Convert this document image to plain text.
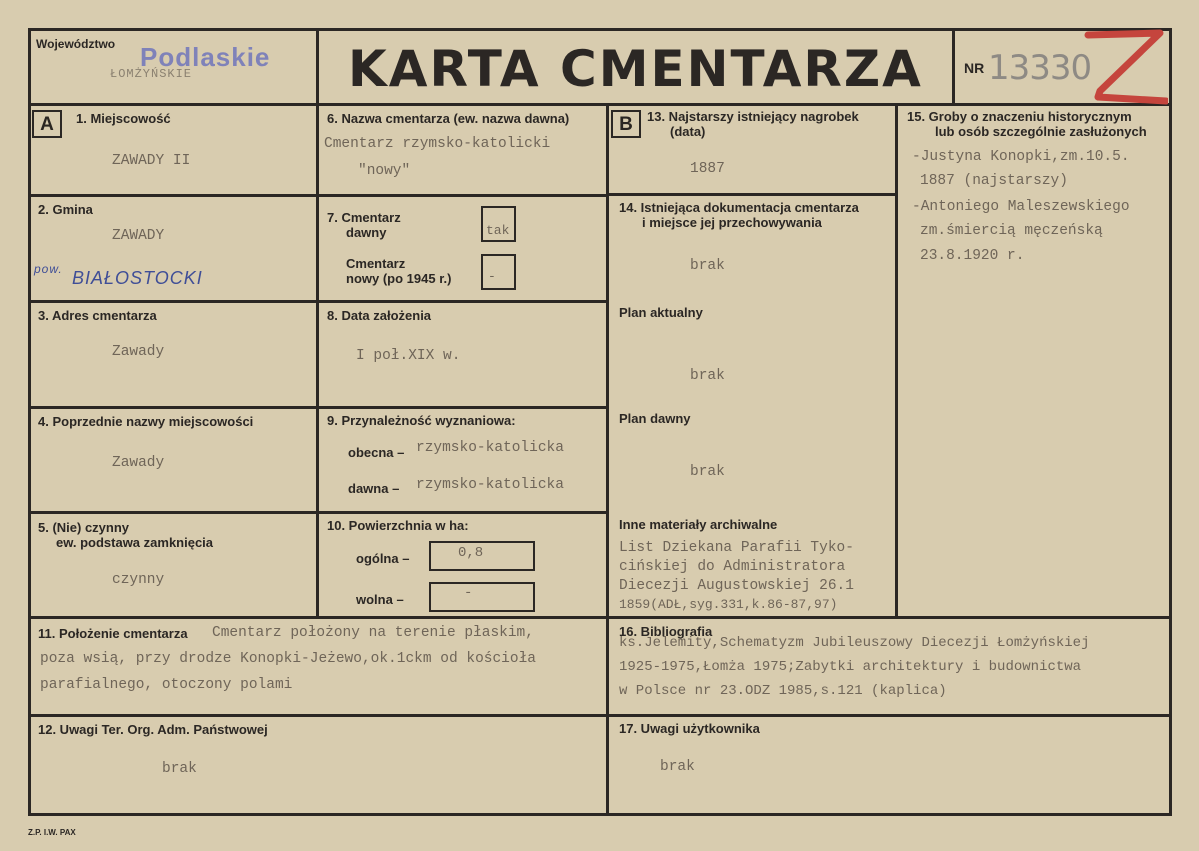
Województwo Podlaskie
ŁOMŻYŃSKIE	KARTA CMENTARZA	NR 13330
A	1. Miejscowość
ZAWADY II
2. Gmina
ZAWADY
pow. BIAŁOSTOCKI
3. Adres cmentarza
Zawady
4. Poprzednie nazwy miejscowości
Zawady
5. (Nie) czynny
ew. podstawa zamknięcia
czynny
6. Nazwa cmentarza (ew. nazwa dawna)
Cmentarz rzymsko-katolicki
"nowy"
7. Cmentarz
dawny	tak
Cmentarz
nowy (po 1945 r.)	-
8. Data założenia
I poł.XIX w.
9. Przynależność wyznaniowa:
obecna – rzymsko-katolicka
dawna – rzymsko-katolicka
10. Powierzchnia w ha:
ogólna –	0,8
wolna –	-
B	13. Najstarszy istniejący nagrobek
(data)
1887
14. Istniejąca dokumentacja cmentarza
i miejsce jej przechowywania
brak
Plan aktualny
brak
Plan dawny
brak
Inne materiały archiwalne
List Dziekana Parafii Tyko-
cińskiej do Administratora
Diecezji Augustowskiej 26.1
1859(ADŁ,syg.331,k.86-87,97)
15. Groby o znaczeniu historycznym
lub osób szczególnie zasłużonych
-Justyna Konopki,zm.10.5.
1887 (najstarszy)
-Antoniego Maleszewskiego
zm.śmiercią męczeńską
23.8.1920 r.
11. Położenie cmentarza Cmentarz położony na terenie płaskim,
poza wsią, przy drodze Konopki-Jeżewo,ok.1ckm od kościoła
parafialnego, otoczony polami
16. Bibliografia
ks.Jelemity,Schematyzm Jubileuszowy Diecezji Łomżyńskiej
1925-1975,Łomża 1975;Zabytki architektury i budownictwa
w Polsce nr 23.ODZ 1985,s.121 (kaplica)
12. Uwagi Ter. Org. Adm. Państwowej
brak
17. Uwagi użytkownika
brak
Z.P. I.W. PAX
